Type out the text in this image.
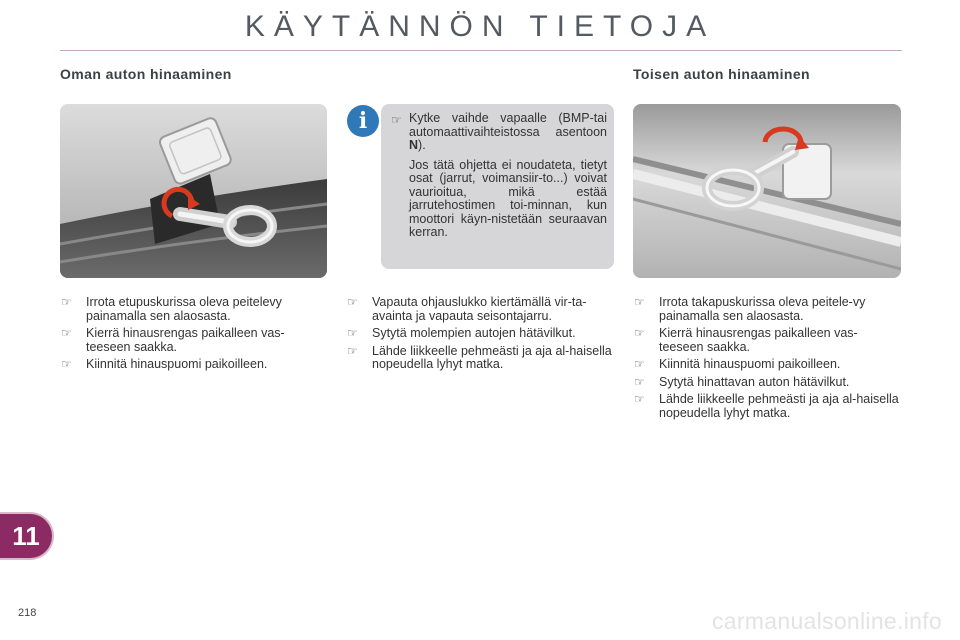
KÄYTÄNNÖN TIETOJA
Oman auton hinaaminen	Toisen auton hinaaminen
i	☞ Kytke vaihde vapaalle (BMP-tai automaattivaihteistossa asentoon N).

Jos tätä ohjetta ei noudateta, tietyt osat (jarrut, voimansiir-to...) voivat vaurioitua, mikä estää jarrutehostimen toi-minnan, kun moottori käyn-nistetään seuraavan kerran.

☞ Irrota etupuskurissa oleva peitelevy painamalla sen alaosasta.
☞ Kierrä hinausrengas paikalleen vas-teeseen saakka.
☞ Kiinnitä hinauspuomi paikoilleen.
☞ Vapauta ohjauslukko kiertämällä vir-ta-avainta ja vapauta seisontajarru.
☞ Sytytä molempien autojen hätävilkut.
☞ Lähde liikkeelle pehmeästi ja aja al-haisella nopeudella lyhyt matka.
☞ Irrota takapuskurissa oleva peitele-vy painamalla sen alaosasta.
☞ Kierrä hinausrengas paikalleen vas-teeseen saakka.
☞ Kiinnitä hinauspuomi paikoilleen.
☞ Sytytä hinattavan auton hätävilkut.
☞ Lähde liikkeelle pehmeästi ja aja al-haisella nopeudella lyhyt matka.
11
218	carmanualsonline.info
